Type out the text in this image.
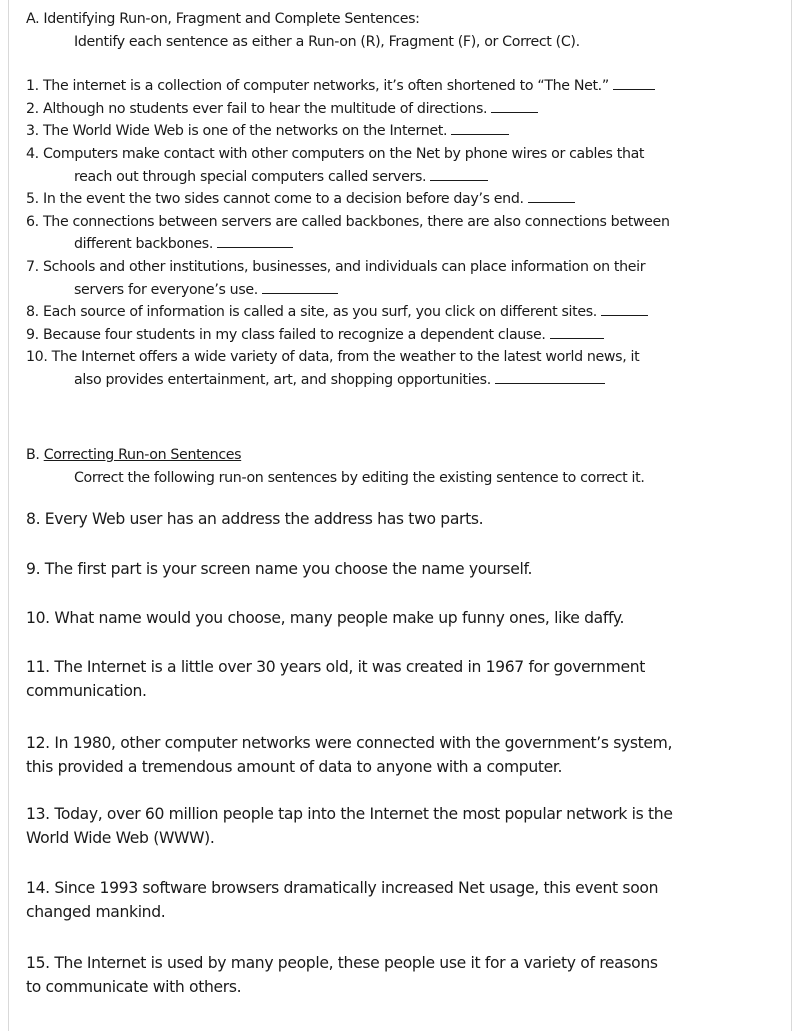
A. Identifying Run-on, Fragment and Complete Sentences:
Identify each sentence as either a Run-on (R), Fragment (F), or Correct (C).
1. The internet is a collection of computer networks, it’s often shortened to “The Net.”
2. Although no students ever fail to hear the multitude of directions.
3. The World Wide Web is one of the networks on the Internet.
4. Computers make contact with other computers on the Net by phone wires or cables that
reach out through special computers called servers.
5. In the event the two sides cannot come to a decision before day’s end.
6. The connections between servers are called backbones, there are also connections between
different backbones.
7. Schools and other institutions, businesses, and individuals can place information on their
servers for everyone’s use.
8. Each source of information is called a site, as you surf, you click on different sites.
9. Because four students in my class failed to recognize a dependent clause.
10. The Internet offers a wide variety of data, from the weather to the latest world news, it
also provides entertainment, art, and shopping opportunities.
B. Correcting Run-on Sentences
Correct the following run-on sentences by editing the existing sentence to correct it.
8. Every Web user has an address the address has two parts.
9. The first part is your screen name you choose the name yourself.
10. What name would you choose, many people make up funny ones, like daffy.
11. The Internet is a little over 30 years old, it was created in 1967 for government
communication.
12. In 1980, other computer networks were connected with the government’s system,
this provided a tremendous amount of data to anyone with a computer.
13. Today, over 60 million people tap into the Internet the most popular network is the
World Wide Web (WWW).
14. Since 1993 software browsers dramatically increased Net usage, this event soon
changed mankind.
15. The Internet is used by many people, these people use it for a variety of reasons
to communicate with others.
